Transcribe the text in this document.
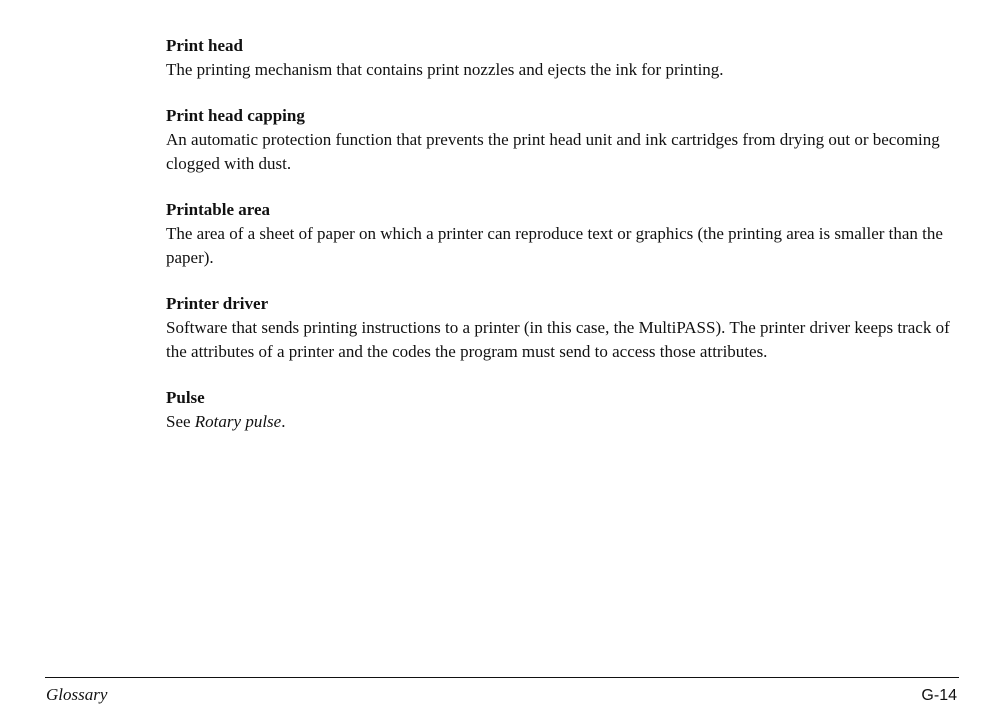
Print head
The printing mechanism that contains print nozzles and ejects the ink for printing.
Print head capping
An automatic protection function that prevents the print head unit and ink cartridges from drying out or becoming clogged with dust.
Printable area
The area of a sheet of paper on which a printer can reproduce text or graphics (the printing area is smaller than the paper).
Printer driver
Software that sends printing instructions to a printer (in this case, the MultiPASS). The printer driver keeps track of the attributes of a printer and the codes the program must send to access those attributes.
Pulse
See Rotary pulse.
Glossary	G-14
